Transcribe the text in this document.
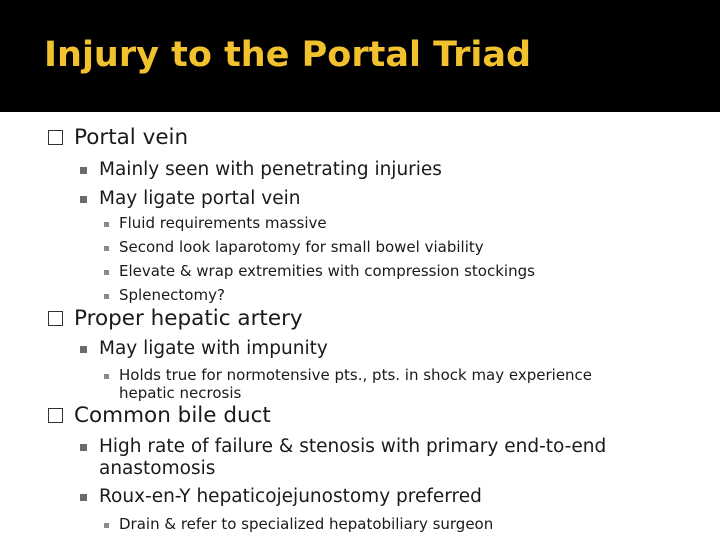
Injury to the Portal Triad
Portal vein
Mainly seen with penetrating injuries
May ligate portal vein
Fluid requirements massive
Second look laparotomy for small bowel viability
Elevate & wrap extremities with compression stockings
Splenectomy?
Proper hepatic artery
May ligate with impunity
Holds true for normotensive pts., pts. in shock may experience
hepatic necrosis
Common bile duct
High rate of failure & stenosis with primary end-to-end
anastomosis
Roux-en-Y hepaticojejunostomy preferred
Drain & refer to specialized hepatobiliary surgeon
